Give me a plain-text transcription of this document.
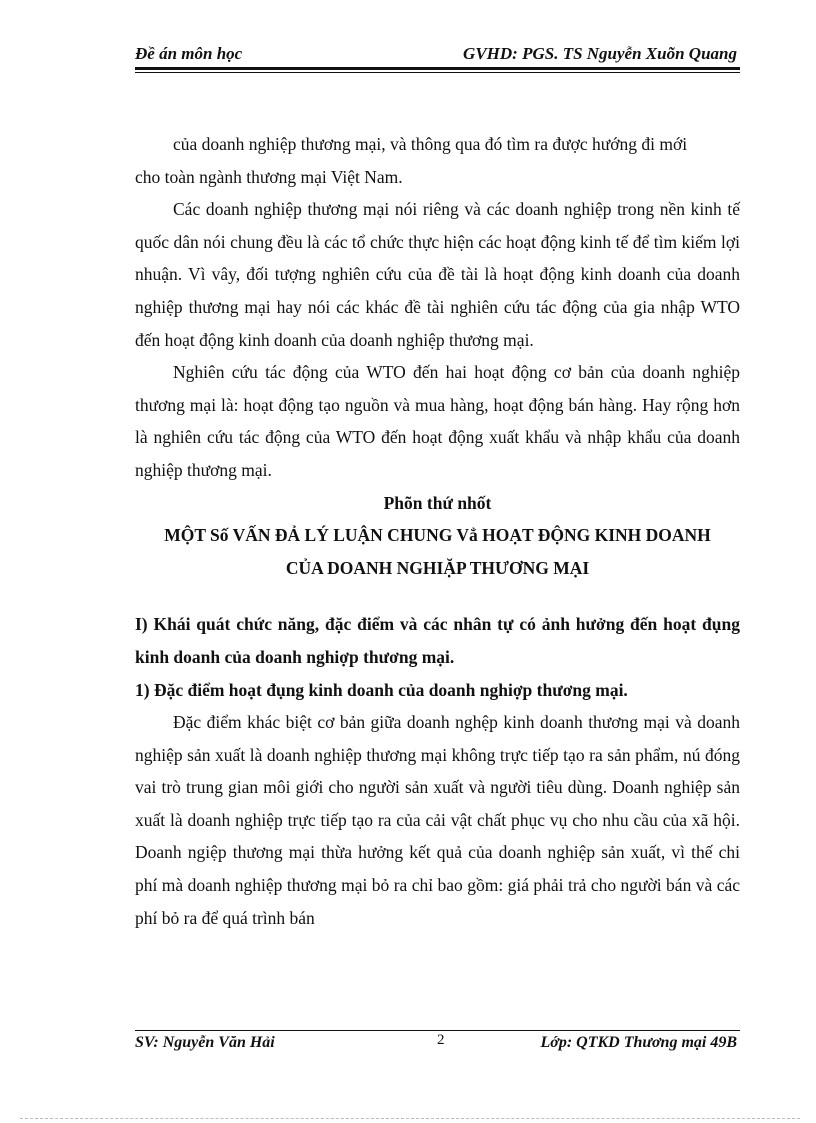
Đề án môn học	GVHD: PGS. TS Nguyễn Xuõn Quang

của doanh nghiệp thương mại, và thông qua đó tìm ra được hướng đi mới

cho toàn ngành thương mại Việt Nam.

Các doanh nghiệp thương mại nói riêng và các doanh nghiệp trong nền kinh tế quốc dân nói chung đều là các tổ chức thực hiện các hoạt động kinh tế để tìm kiếm lợi nhuận. Vì vây, đối tượng nghiên cứu của đề tài là hoạt động kinh doanh của doanh nghiệp thương mại hay nói các khác đề tài nghiên cứu tác động của gia nhập WTO đến hoạt động kinh doanh của doanh nghiệp thương mại.

Nghiên cứu tác động của WTO đến hai hoạt động cơ bản của doanh nghiệp thương mại là: hoạt động tạo nguồn và mua hàng, hoạt động bán hàng. Hay rộng hơn là nghiên cứu tác động của WTO đến hoạt động xuất khẩu và nhập khẩu của doanh nghiệp thương mại.

Phõn thứ nhốt

MỘT Số VẤN ĐẢ LÝ LUẬN CHUNG Vẳ HOẠT ĐỘNG KINH DOANH

CỦA DOANH NGHIẶP THƯƠNG MẠI

I) Khái quát chức năng, đặc điểm và các nhân tự có ảnh hưởng đến hoạt đụng kinh doanh của doanh nghiợp thương mại.

1) Đặc điểm hoạt đụng kinh doanh của doanh nghiợp thương mại.

Đặc điểm khác biệt cơ bản giữa doanh nghệp kinh doanh thương mại và doanh nghiệp sản xuất là doanh nghiệp thương mại không trực tiếp tạo ra sản phẩm, nú đóng vai trò trung gian môi giới cho người sản xuất và người tiêu dùng. Doanh nghiệp sản xuất là doanh nghiệp trực tiếp tạo ra của cải vật chất phục vụ cho nhu cầu của xã hội. Doanh ngiệp thương mại thừa hưởng kết quả của doanh nghiệp sản xuất, vì thế chi phí mà doanh nghiệp thương mại bỏ ra chỉ bao gồm: giá phải trả cho người bán và các phí bỏ ra để quá trình bán

SV: Nguyễn Văn Hải	2	Lớp: QTKD Thương mại 49B
